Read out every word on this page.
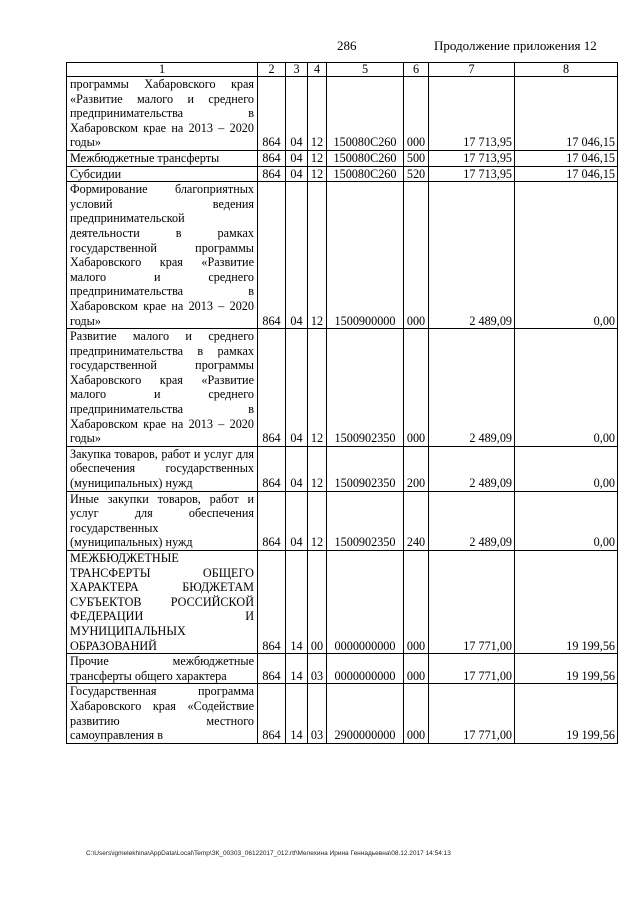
286	Продолжение приложения 12
1	2	3	4	5	6	7	8
программы Хабаровского края «Развитие малого и среднего предпринимательства в Хабаровском крае на 2013 – 2020 годы»	864	04	12	150080С260	000	17 713,95	17 046,15
Межбюджетные трансферты	864	04	12	150080С260	500	17 713,95	17 046,15
Субсидии	864	04	12	150080С260	520	17 713,95	17 046,15
Формирование благоприятных условий ведения предпринимательской деятельности в рамках государственной программы Хабаровского края «Развитие малого и среднего предпринимательства в Хабаровском крае на 2013 – 2020 годы»	864	04	12	1500900000	000	2 489,09	0,00
Развитие малого и среднего предпринимательства в рамках государственной программы Хабаровского края «Развитие малого и среднего предпринимательства в Хабаровском крае на 2013 – 2020 годы»	864	04	12	1500902350	000	2 489,09	0,00
Закупка товаров, работ и услуг для обеспечения государственных (муниципальных) нужд	864	04	12	1500902350	200	2 489,09	0,00
Иные закупки товаров, работ и услуг для обеспечения государственных (муниципальных) нужд	864	04	12	1500902350	240	2 489,09	0,00
МЕЖБЮДЖЕТНЫЕ ТРАНСФЕРТЫ ОБЩЕГО ХАРАКТЕРА БЮДЖЕТАМ СУБЪЕКТОВ РОССИЙСКОЙ ФЕДЕРАЦИИ И МУНИЦИПАЛЬНЫХ ОБРАЗОВАНИЙ	864	14	00	0000000000	000	17 771,00	19 199,56
Прочие межбюджетные трансферты общего характера	864	14	03	0000000000	000	17 771,00	19 199,56
Государственная программа Хабаровского края «Содействие развитию местного самоуправления в	864	14	03	2900000000	000	17 771,00	19 199,56
C:\Users\igmelekhina\AppData\Local\Temp\ЗК_00303_06122017_012.rtf\Мелехина Ирина Геннадьевна\08.12.2017 14:54:13
